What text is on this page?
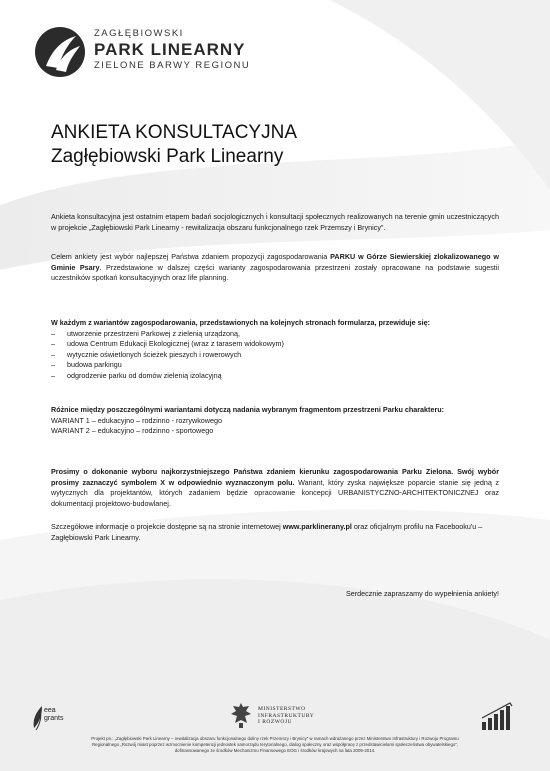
ZAGŁĘBIOWSKI
PARK LINEARNY
ZIELONE BARWY REGIONU
ANKIETA KONSULTACYJNA
Zagłębiowski Park Linearny
Ankieta konsultacyjna jest ostatnim etapem badań socjologicznych i konsultacji społecznych realizowanych na terenie gmin uczestniczących w projekcie „Zagłębiowski Park Linearny - rewitalizacja obszaru funkcjonalnego rzek Przemszy i Brynicy”.
Celem ankiety jest wybór najlepszej Państwa zdaniem propozycji zagospodarowania PARKU w Górze Siewierskiej zlokalizowanego w Gminie Psary. Przedstawione w dalszej części warianty zagospodarowania przestrzeni zostały opracowane na podstawie sugestii uczestników spotkań konsultacyjnych oraz life planning.
W każdym z wariantów zagospodarowania, przedstawionych na kolejnych stronach formularza, przewiduje się:
– utworzenie przestrzeni Parkowej z zielenią urządzoną,
– udowa Centrum Edukacji Ekologicznej (wraz z tarasem widokowym)
– wytycznie oświetlonych ścieżek pieszych i rowerowych
– budowa parkingu
– odgrodzenie parku od domów zielenią izolacyjną
Różnice między poszczególnymi wariantami dotyczą nadania wybranym fragmentom przestrzeni Parku charakteru:
WARIANT 1 – edukacyjno – rodzinno - rozrywkowego
WARIANT 2 – edukacyjno – rodzinno - sportowego
Prosimy o dokonanie wyboru najkorzystniejszego Państwa zdaniem kierunku zagospodarowania Parku Zielona. Swój wybór prosimy zaznaczyć symbolem X w odpowiednio wyznaczonym polu. Wariant, który zyska największe poparcie stanie się jedną z wytycznych dla projektantów, których zadaniem będzie opracowanie koncepcji URBANISTYCZNO-ARCHITEKTONICZNEJ oraz dokumentacji projektowo-budowlanej.
Szczegółowe informacje o projekcie dostępne są na stronie internetowej www.parklinerany.pl oraz oficjalnym profilu na Facebooku'u – Zagłębiowski Park Linearny.
Serdecznie zapraszamy do wypełnienia ankiety!
eea
grants
MINISTERSTWO
INFRASTRUKTURY
I ROZWOJU
Projekt pn.: „Zagłębiowski Park Linearny – rewitalizacja obszaru funkcjonalnego doliny rzek Przemszy i Brynicy” w ramach wdrażanego przez Ministerstwo Infrastruktury i Rozwoju Programu
Regionalnego „Rozwój miast poprzez wzmocnienie kompetencji jednostek samorządu terytorialnego, dialog społeczny oraz współpracę z przedstawicielami społeczeństwa obywatelskiego”,
dofinansowanego ze środków Mechanizmu Finansowego EOG i środków krajowych na lata 2009-2014.
